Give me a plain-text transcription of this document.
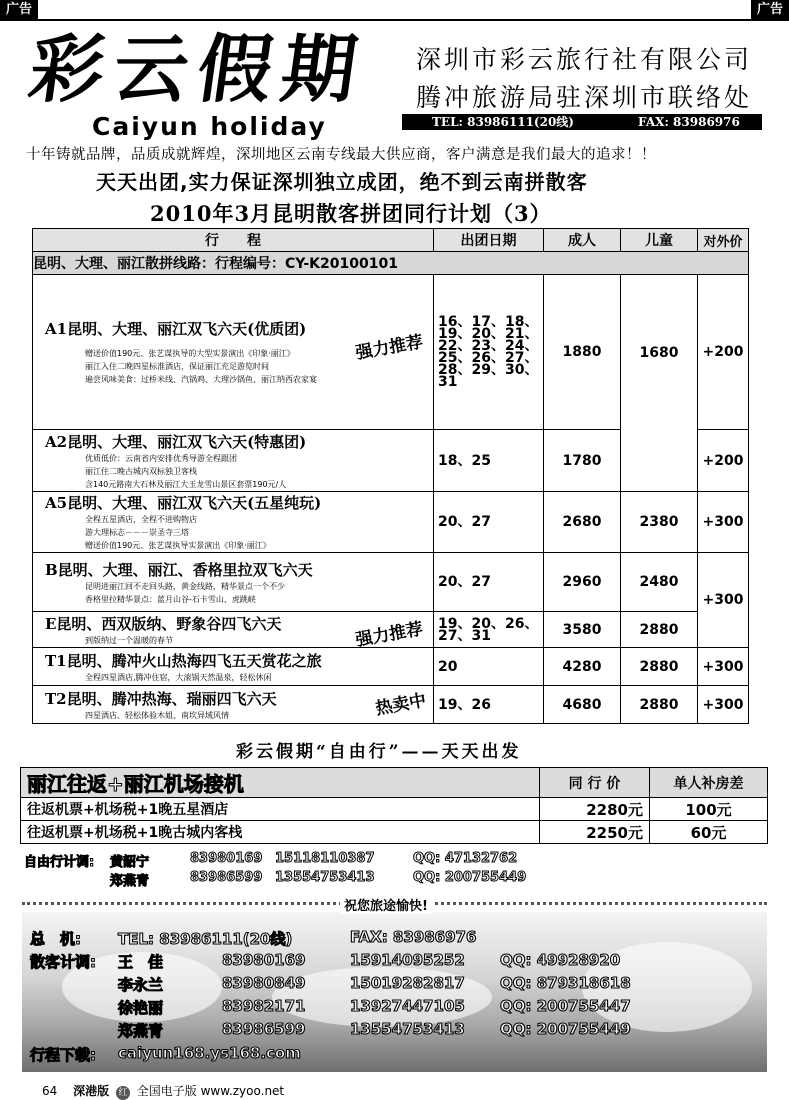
广告	广告
彩云假期
Caiyun holiday
深圳市彩云旅行社有限公司
腾冲旅游局驻深圳市联络处
TEL: 83986111(20线)	FAX: 83986976
十年铸就品牌，品质成就辉煌，深圳地区云南专线最大供应商，客户满意是我们最大的追求！！
天天出团,实力保证深圳独立成团，绝不到云南拼散客
2010年3月昆明散客拼团同行计划（3）
行　　程	出团日期	成人	儿童	对外价
昆明、大理、丽江散拼线路：行程编号：CY-K20100101				

A1昆明、大理、丽江双飞六天(优质团)
赠送价值190元、张艺谋执导的大型实景演出《印象·丽江》
丽江入住二晚四星标准酒店，保证丽江充足游览时间
遍尝风味美食：过桥米线、汽锅鸡、大理沙锅鱼、丽江纳西农家宴
强力推荐	16、17、18、19、20、21、22、23、24、25、26、27、28、29、30、31	1880	1680	+200

A2昆明、大理、丽江双飞六天(特惠团)
优质低价：云南省内安排优秀导游全程跟团
丽江住二晚古城内双标独卫客栈
含140元路南大石林及丽江大玉龙雪山景区套票190元/人	18、25	1780		+200

A5昆明、大理、丽江双飞六天(五星纯玩)
全程五星酒店，全程不进购物店
游大理标志－－－崇圣寺三塔
赠送价值190元、张艺谋执导实景演出《印象·丽江》	20、27	2680	2380	+300

B昆明、大理、丽江、香格里拉双飞六天
昆明进丽江回不走回头路，黄金线路，精华景点一个不少
香格里拉精华景点：蓝月山谷-石卡雪山、虎跳峡	20、27	2960	2480	+300

E昆明、西双版纳、野象谷四飞六天
到版纳过一个温暖的春节 强力推荐	19、20、26、27、31	3580	2880	

T1昆明、腾冲火山热海四飞五天赏花之旅
全程四星酒店,腾冲住宿，大滚锅天然温泉，轻松休闲	20	4280	2880	+300

T2昆明、腾冲热海、瑞丽四飞六天
四星酒店、轻松体验木姐、南坎异域风情 热卖中	19、26	4680	2880	+300
彩云假期“自由行”——天天出发
丽江往返+丽江机场接机	同 行 价	单人补房差
往返机票+机场税+1晚五星酒店	2280元	100元
往返机票+机场税+1晚古城内客栈	2250元	60元
自由行计调: 黄韶宁	83980169 15118110387	QQ: 47132762
郑燕青	83986599 13554753413	QQ: 200755449
祝您旅途愉快!
总　机: TEL: 83986111(20线)	FAX: 83986976
散客计调: 王　佳	83980169	15914095252 QQ: 49928920
李永兰	83980849	15019282817 QQ: 879318618
徐艳丽	83982171	13927447105 QQ: 200755447
郑燕青	83986599	13554753413 QQ: 200755449
行程下载: caiyun168.ys168.com
64 深港版 红 全国电子版 www.zyoo.net
